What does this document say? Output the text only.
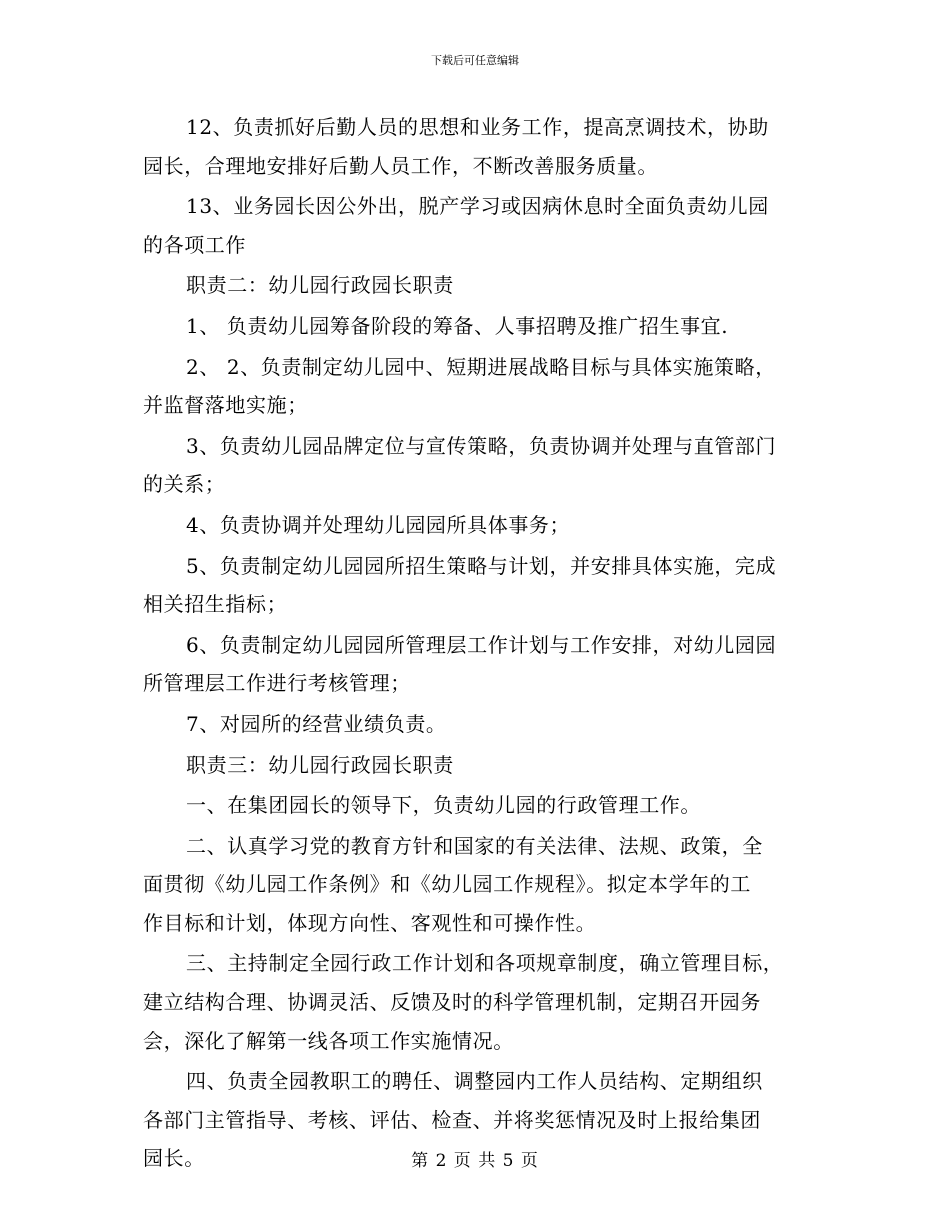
下载后可任意编辑
12、负责抓好后勤人员的思想和业务工作，提高烹调技术，协助
园长，合理地安排好后勤人员工作，不断改善服务质量。
13、业务园长因公外出，脱产学习或因病休息时全面负责幼儿园
的各项工作
职责二：幼儿园行政园长职责
1、 负责幼儿园筹备阶段的筹备、人事招聘及推广招生事宜.
2、 2、负责制定幼儿园中、短期进展战略目标与具体实施策略，
并监督落地实施；
3、负责幼儿园品牌定位与宣传策略，负责协调并处理与直管部门
的关系；
4、负责协调并处理幼儿园园所具体事务；
5、负责制定幼儿园园所招生策略与计划，并安排具体实施，完成
相关招生指标；
6、负责制定幼儿园园所管理层工作计划与工作安排，对幼儿园园
所管理层工作进行考核管理；
7、对园所的经营业绩负责。
职责三：幼儿园行政园长职责
一、在集团园长的领导下，负责幼儿园的行政管理工作。
二、认真学习党的教育方针和国家的有关法律、法规、政策，全
面贯彻《幼儿园工作条例》和《幼儿园工作规程》。拟定本学年的工
作目标和计划，体现方向性、客观性和可操作性。
三、主持制定全园行政工作计划和各项规章制度，确立管理目标，
建立结构合理、协调灵活、反馈及时的科学管理机制，定期召开园务
会，深化了解第一线各项工作实施情况。
四、负责全园教职工的聘任、调整园内工作人员结构、定期组织
各部门主管指导、考核、评估、检查、并将奖惩情况及时上报给集团
园长。	第 2 页 共 5 页
